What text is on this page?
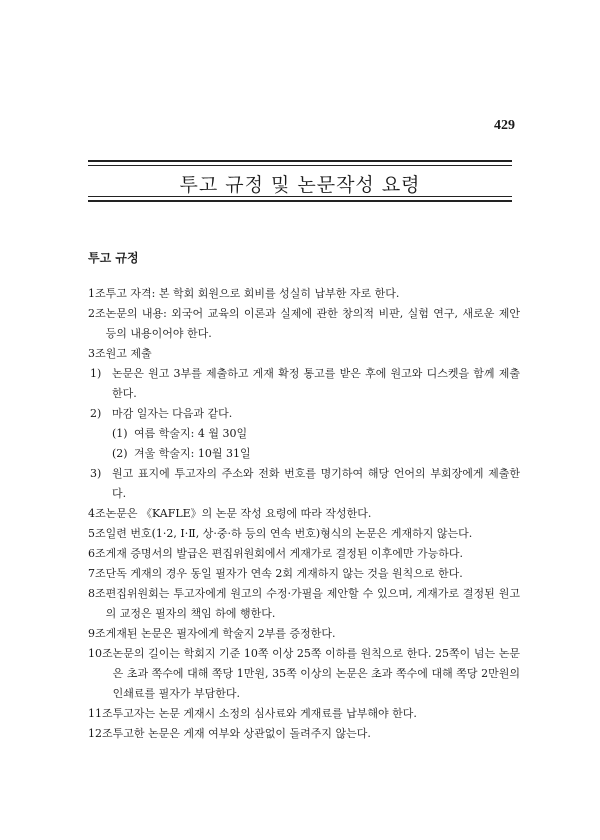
429
투고 규정 및 논문작성 요령
투고 규정
1조 투고 자격: 본 학회 회원으로 회비를 성실히 납부한 자로 한다.
2조 논문의 내용: 외국어 교육의 이론과 실제에 관한 창의적 비판, 실험 연구, 새로운 제안 등의 내용이어야 한다.
3조 원고 제출
1) 논문은 원고 3부를 제출하고 게재 확정 통고를 받은 후에 원고와 디스켓을 함께 제출한다.
2) 마감 일자는 다음과 같다.
(1) 여름 학술지: 4 월 30일
(2) 겨울 학술지: 10월 31일
3) 원고 표지에 투고자의 주소와 전화 번호를 명기하여 해당 언어의 부회장에게 제출한다.
4조 논문은 《KAFLE》의 논문 작성 요령에 따라 작성한다.
5조 일련 번호(1·2, Ⅰ·Ⅱ, 상·중·하 등의 연속 번호)형식의 논문은 게재하지 않는다.
6조 게재 증명서의 발급은 편집위원회에서 게재가로 결정된 이후에만 가능하다.
7조 단독 게재의 경우 동일 필자가 연속 2회 게재하지 않는 것을 원칙으로 한다.
8조 편집위원회는 투고자에게 원고의 수정·가필을 제안할 수 있으며, 게재가로 결정된 원고의 교정은 필자의 책임 하에 행한다.
9조 게재된 논문은 필자에게 학술지 2부를 증정한다.
10조 논문의 길이는 학회지 기준 10쪽 이상 25쪽 이하를 원칙으로 한다. 25쪽이 넘는 논문은 초과 쪽수에 대해 쪽당 1만원, 35쪽 이상의 논문은 초과 쪽수에 대해 쪽당 2만원의 인쇄료를 필자가 부담한다.
11조 투고자는 논문 게재시 소정의 심사료와 게재료를 납부해야 한다.
12조 투고한 논문은 게재 여부와 상관없이 돌려주지 않는다.
